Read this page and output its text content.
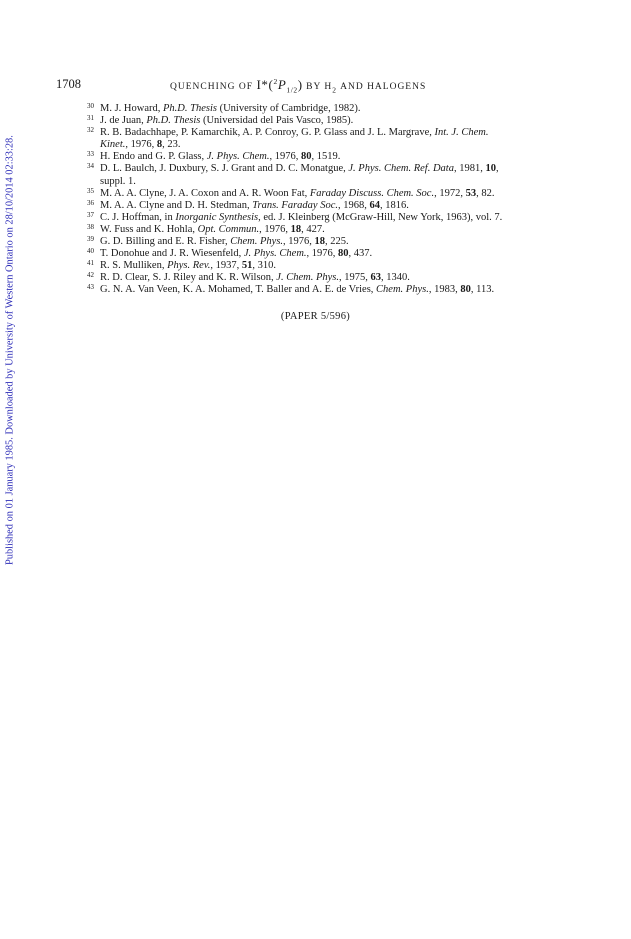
Published on 01 January 1985. Downloaded by University of Western Ontario on 28/10/2014 02:33:28.
1708	QUENCHING OF $I*(^2P_{1/2})$ BY $H_2$ AND HALOGENS
30 M. J. Howard, Ph.D. Thesis (University of Cambridge, 1982).
31 J. de Juan, Ph.D. Thesis (Universidad del Pais Vasco, 1985).
32 R. B. Badachhape, P. Kamarchik, A. P. Conroy, G. P. Glass and J. L. Margrave, Int. J. Chem.
Kinet., 1976, 8, 23.
33 H. Endo and G. P. Glass, J. Phys. Chem., 1976, 80, 1519.
34 D. L. Baulch, J. Duxbury, S. J. Grant and D. C. Monatgue, J. Phys. Chem. Ref. Data, 1981, 10,
suppl. 1.
35 M. A. A. Clyne, J. A. Coxon and A. R. Woon Fat, Faraday Discuss. Chem. Soc., 1972, 53, 82.
36 M. A. A. Clyne and D. H. Stedman, Trans. Faraday Soc., 1968, 64, 1816.
37 C. J. Hoffman, in Inorganic Synthesis, ed. J. Kleinberg (McGraw-Hill, New York, 1963), vol. 7.
38 W. Fuss and K. Hohla, Opt. Commun., 1976, 18, 427.
39 G. D. Billing and E. R. Fisher, Chem. Phys., 1976, 18, 225.
40 T. Donohue and J. R. Wiesenfeld, J. Phys. Chem., 1976, 80, 437.
41 R. S. Mulliken, Phys. Rev., 1937, 51, 310.
42 R. D. Clear, S. J. Riley and K. R. Wilson, J. Chem. Phys., 1975, 63, 1340.
43 G. N. A. Van Veen, K. A. Mohamed, T. Baller and A. E. de Vries, Chem. Phys., 1983, 80, 113.
(PAPER 5/596)
